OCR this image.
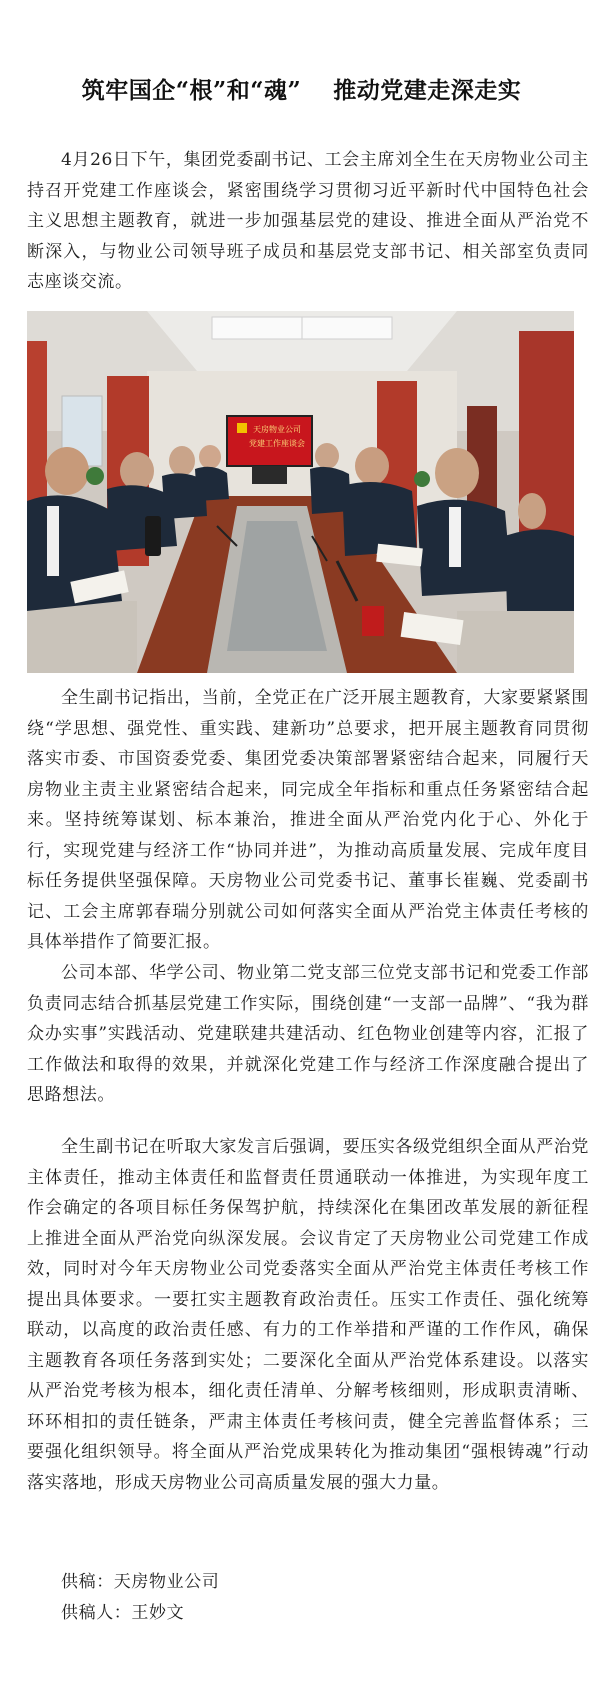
筑牢国企“根”和“魂”　 推动党建走深走实

4月26日下午，集团党委副书记、工会主席刘全生在天房物业公司主持召开党建工作座谈会，紧密围绕学习贯彻习近平新时代中国特色社会主义思想主题教育，就进一步加强基层党的建设、推进全面从严治党不断深入，与物业公司领导班子成员和基层党支部书记、相关部室负责同志座谈交流。

天房物业公司
党建工作座谈会

全生副书记指出，当前，全党正在广泛开展主题教育，大家要紧紧围绕“学思想、强党性、重实践、建新功”总要求，把开展主题教育同贯彻落实市委、市国资委党委、集团党委决策部署紧密结合起来，同履行天房物业主责主业紧密结合起来，同完成全年指标和重点任务紧密结合起来。坚持统筹谋划、标本兼治，推进全面从严治党内化于心、外化于行，实现党建与经济工作“协同并进”，为推动高质量发展、完成年度目标任务提供坚强保障。天房物业公司党委书记、董事长崔巍、党委副书记、工会主席郭春瑞分别就公司如何落实全面从严治党主体责任考核的具体举措作了简要汇报。

公司本部、华学公司、物业第二党支部三位党支部书记和党委工作部负责同志结合抓基层党建工作实际，围绕创建“一支部一品牌”、“我为群众办实事”实践活动、党建联建共建活动、红色物业创建等内容，汇报了工作做法和取得的效果，并就深化党建工作与经济工作深度融合提出了思路想法。

全生副书记在听取大家发言后强调，要压实各级党组织全面从严治党主体责任，推动主体责任和监督责任贯通联动一体推进，为实现年度工作会确定的各项目标任务保驾护航，持续深化在集团改革发展的新征程上推进全面从严治党向纵深发展。会议肯定了天房物业公司党建工作成效，同时对今年天房物业公司党委落实全面从严治党主体责任考核工作提出具体要求。一要扛实主题教育政治责任。压实工作责任、强化统筹联动，以高度的政治责任感、有力的工作举措和严谨的工作作风，确保主题教育各项任务落到实处；二要深化全面从严治党体系建设。以落实从严治党考核为根本，细化责任清单、分解考核细则，形成职责清晰、环环相扣的责任链条，严肃主体责任考核问责，健全完善监督体系；三要强化组织领导。将全面从严治党成果转化为推动集团“强根铸魂”行动落实落地，形成天房物业公司高质量发展的强大力量。

供稿：天房物业公司
供稿人：王妙文
